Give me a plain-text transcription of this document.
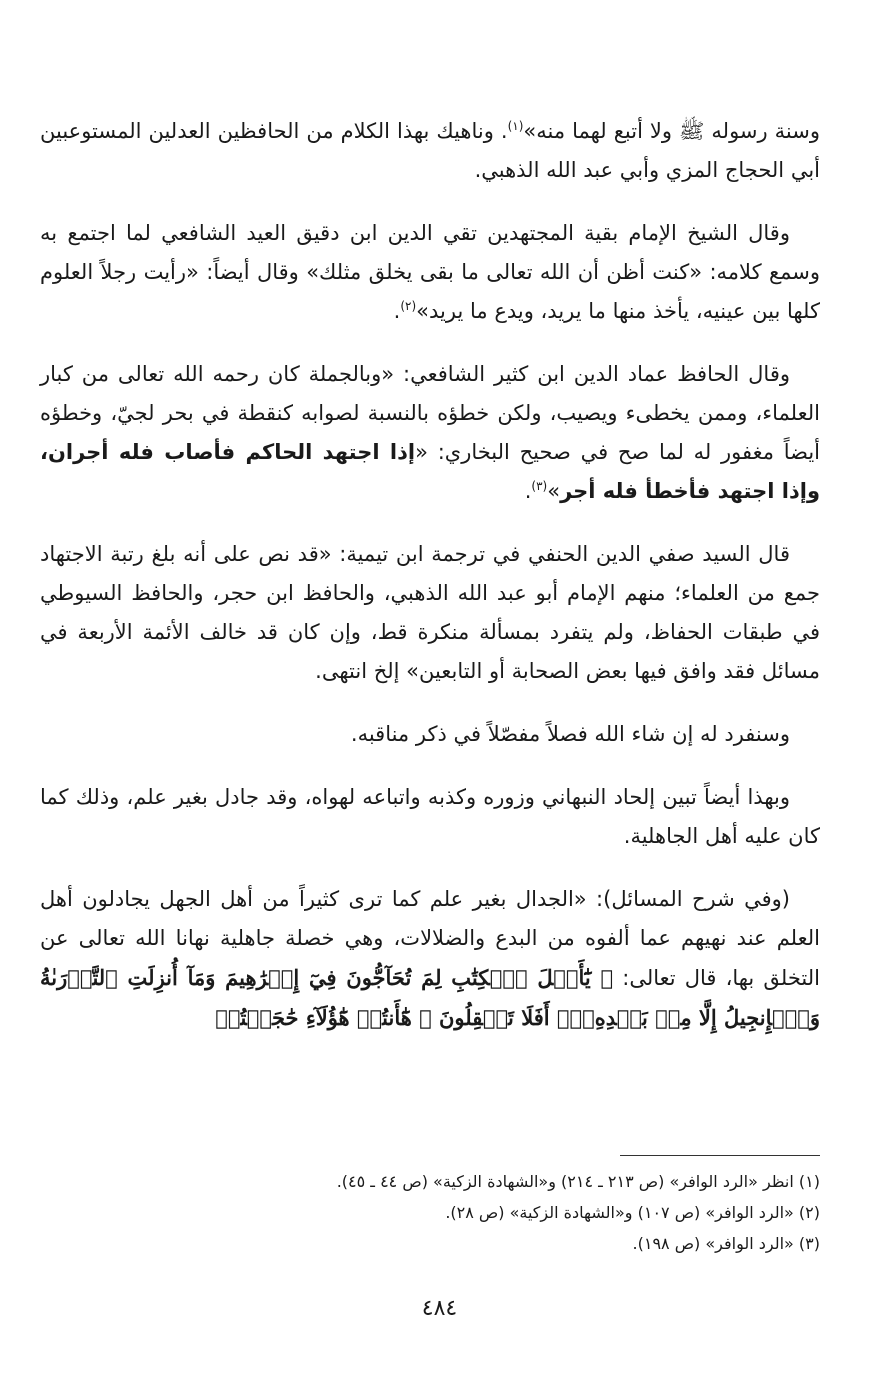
وسنة رسوله ﷺ ولا أتبع لهما منه»$^{(١)}$. وناهيك بهذا الكلام من الحافظين العدلين المستوعبين أبي الحجاج المزي وأبي عبد الله الذهبي.

وقال الشيخ الإمام بقية المجتهدين تقي الدين ابن دقيق العيد الشافعي لما اجتمع به وسمع كلامه: «كنت أظن أن الله تعالى ما بقى يخلق مثلك» وقال أيضاً: «رأيت رجلاً العلوم كلها بين عينيه، يأخذ منها ما يريد، ويدع ما يريد»$^{(٢)}$.

وقال الحافظ عماد الدين ابن كثير الشافعي: «وبالجملة كان رحمه الله تعالى من كبار العلماء، وممن يخطىء ويصيب، ولكن خطؤه بالنسبة لصوابه كنقطة في بحر لجيّ، وخطؤه أيضاً مغفور له لما صح في صحيح البخاري: «إذا اجتهد الحاكم فأصاب فله أجران، وإذا اجتهد فأخطأ فله أجر»$^{(٣)}$.

قال السيد صفي الدين الحنفي في ترجمة ابن تيمية: «قد نص على أنه بلغ رتبة الاجتهاد جمع من العلماء؛ منهم الإمام أبو عبد الله الذهبي، والحافظ ابن حجر، والحافظ السيوطي في طبقات الحفاظ، ولم يتفرد بمسألة منكرة قط، وإن كان قد خالف الأئمة الأربعة في مسائل فقد وافق فيها بعض الصحابة أو التابعين» إلخ انتهى.

وسنفرد له إن شاء الله فصلاً مفصّلاً في ذكر مناقبه.

وبهذا أيضاً تبين إلحاد النبهاني وزوره وكذبه واتباعه لهواه، وقد جادل بغير علم، وذلك كما كان عليه أهل الجاهلية.

(وفي شرح المسائل): «الجدال بغير علم كما ترى كثيراً من أهل الجهل يجادلون أهل العلم عند نهيهم عما ألفوه من البدع والضلالات، وهي خصلة جاهلية نهانا الله تعالى عن التخلق بها، قال تعالى: ﴿ يَٰٓأَهۡلَ ٱلۡكِتَٰبِ لِمَ تُحَآجُّونَ فِيٓ إِبۡرَٰهِيمَ وَمَآ أُنزِلَتِ ٱلتَّوۡرَىٰةُ وَٱلۡإِنجِيلُ إِلَّا مِنۢ بَعۡدِهِۦٓۚ أَفَلَا تَعۡقِلُونَ ۞ هَٰٓأَنتُمۡ هَٰٓؤُلَآءِ حَٰجَجۡتُمۡ

(١) انظر «الرد الوافر» (ص ٢١٣ ـ ٢١٤) و«الشهادة الزكية» (ص ٤٤ ـ ٤٥).

(٢) «الرد الوافر» (ص ١٠٧) و«الشهادة الزكية» (ص ٢٨).

(٣) «الرد الوافر» (ص ١٩٨).

٤٨٤
